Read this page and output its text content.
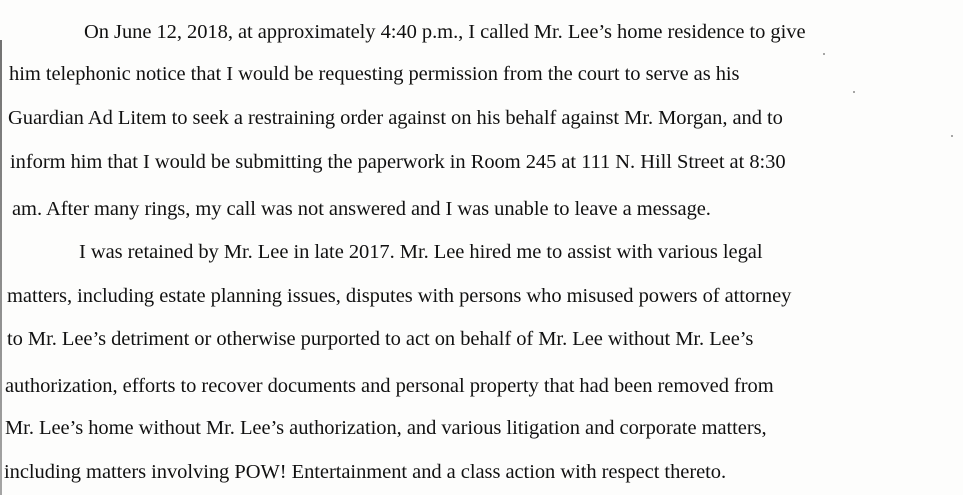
On June 12, 2018, at approximately 4:40 p.m., I called Mr. Lee’s home residence to give
him telephonic notice that I would be requesting permission from the court to serve as his
Guardian Ad Litem to seek a restraining order against on his behalf against Mr. Morgan, and to
inform him that I would be submitting the paperwork in Room 245 at 111 N. Hill Street at 8:30
am. After many rings, my call was not answered and I was unable to leave a message.
I was retained by Mr. Lee in late 2017. Mr. Lee hired me to assist with various legal
matters, including estate planning issues, disputes with persons who misused powers of attorney
to Mr. Lee’s detriment or otherwise purported to act on behalf of Mr. Lee without Mr. Lee’s
authorization, efforts to recover documents and personal property that had been removed from
Mr. Lee’s home without Mr. Lee’s authorization, and various litigation and corporate matters,
including matters involving POW! Entertainment and a class action with respect thereto.
